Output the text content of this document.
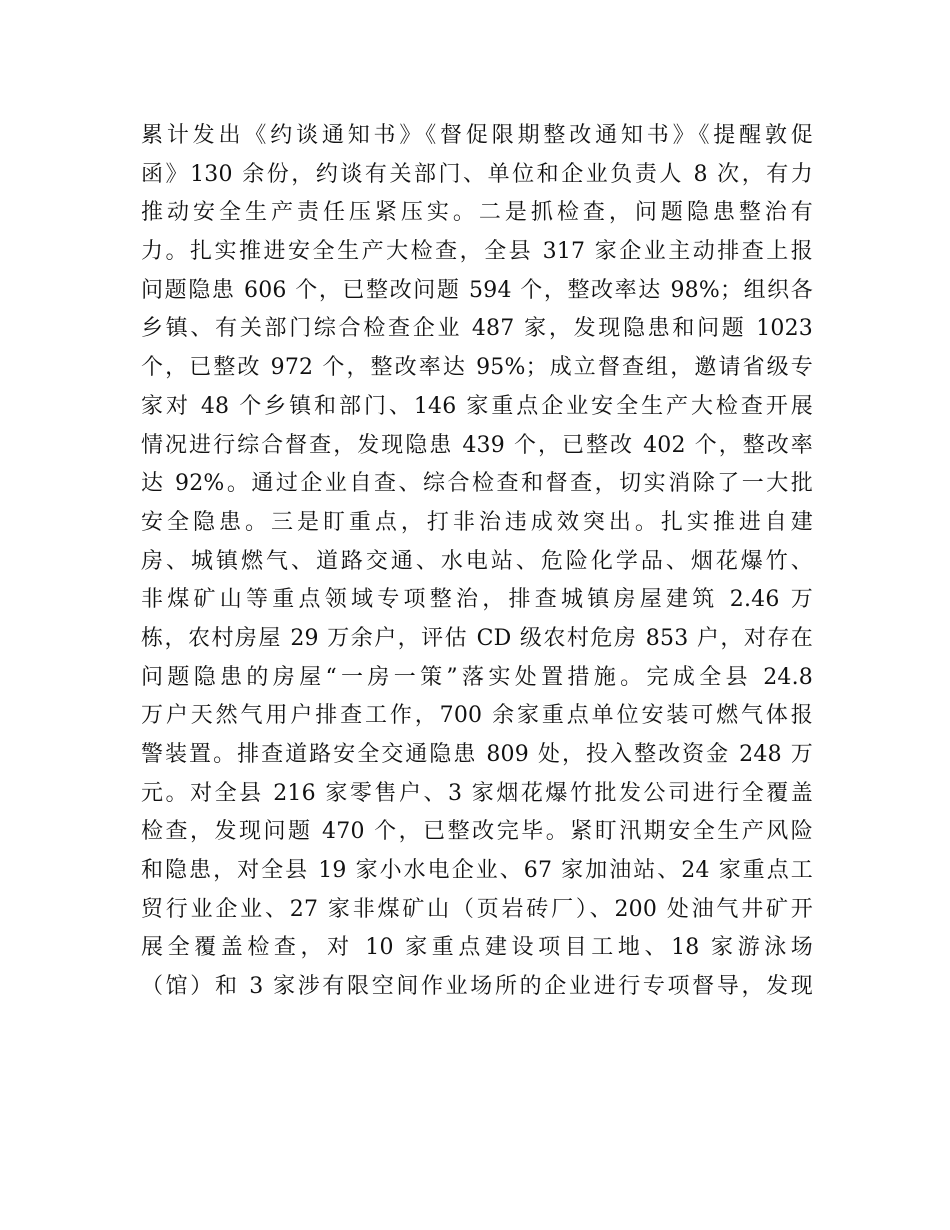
累计发出《约谈通知书》《督促限期整改通知书》《提醒敦促
函》130 余份，约谈有关部门、单位和企业负责人 8 次，有力
推动安全生产责任压紧压实。二是抓检查，问题隐患整治有
力。扎实推进安全生产大检查，全县 317 家企业主动排查上报
问题隐患 606 个，已整改问题 594 个，整改率达 98%；组织各
乡镇、有关部门综合检查企业 487 家，发现隐患和问题 1023
个，已整改 972 个，整改率达 95%；成立督查组，邀请省级专
家对 48 个乡镇和部门、146 家重点企业安全生产大检查开展
情况进行综合督查，发现隐患 439 个，已整改 402 个，整改率
达 92%。通过企业自查、综合检查和督查，切实消除了一大批
安全隐患。三是盯重点，打非治违成效突出。扎实推进自建
房、城镇燃气、道路交通、水电站、危险化学品、烟花爆竹、
非煤矿山等重点领域专项整治，排查城镇房屋建筑 2.46 万
栋，农村房屋 29 万余户，评估 CD 级农村危房 853 户，对存在
问题隐患的房屋“一房一策”落实处置措施。完成全县 24.8
万户天然气用户排查工作，700 余家重点单位安装可燃气体报
警装置。排查道路安全交通隐患 809 处，投入整改资金 248 万
元。对全县 216 家零售户、3 家烟花爆竹批发公司进行全覆盖
检查，发现问题 470 个，已整改完毕。紧盯汛期安全生产风险
和隐患，对全县 19 家小水电企业、67 家加油站、24 家重点工
贸行业企业、27 家非煤矿山（页岩砖厂）、200 处油气井矿开
展全覆盖检查，对 10 家重点建设项目工地、18 家游泳场
（馆）和 3 家涉有限空间作业场所的企业进行专项督导，发现
